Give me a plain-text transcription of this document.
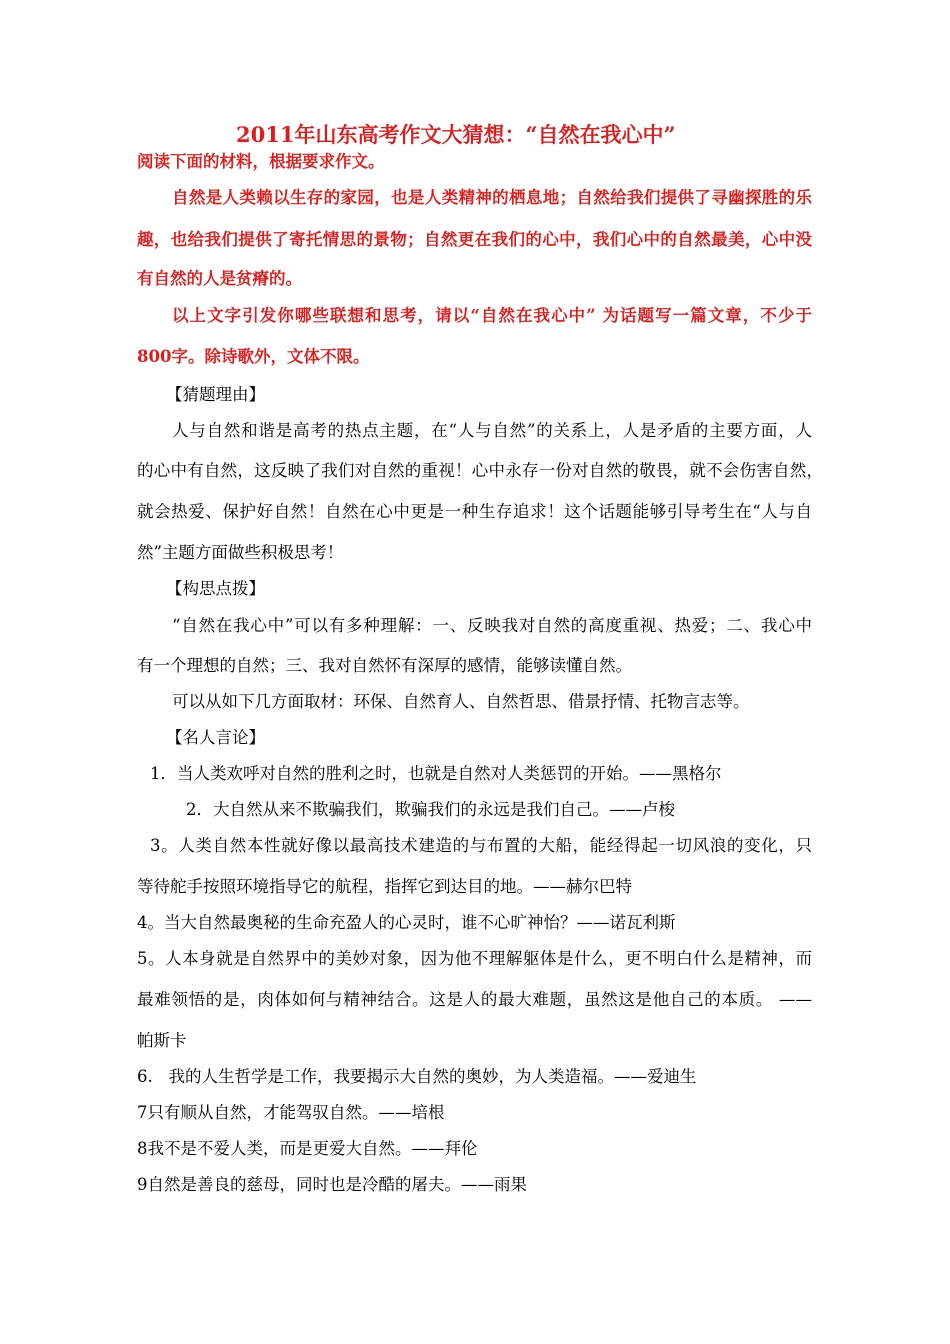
2011年山东高考作文大猜想：“自然在我心中”
阅读下面的材料，根据要求作文。
自然是人类赖以生存的家园，也是人类精神的栖息地；自然给我们提供了寻幽探胜的乐
趣，也给我们提供了寄托情思的景物；自然更在我们的心中，我们心中的自然最美，心中没
有自然的人是贫瘠的。
以上文字引发你哪些联想和思考，请以“自然在我心中” 为话题写一篇文章，不少于
800字。除诗歌外，文体不限。
【猜题理由】
人与自然和谐是高考的热点主题，在“人与自然”的关系上，人是矛盾的主要方面，人
的心中有自然，这反映了我们对自然的重视！心中永存一份对自然的敬畏，就不会伤害自然，
就会热爱、保护好自然！自然在心中更是一种生存追求！这个话题能够引导考生在“人与自
然”主题方面做些积极思考！
【构思点拨】
“自然在我心中”可以有多种理解：一、反映我对自然的高度重视、热爱；二、我心中
有一个理想的自然；三、我对自然怀有深厚的感情，能够读懂自然。
可以从如下几方面取材：环保、自然育人、自然哲思、借景抒情、托物言志等。
【名人言论】
1．当人类欢呼对自然的胜利之时，也就是自然对人类惩罚的开始。——黑格尔
2．大自然从来不欺骗我们，欺骗我们的永远是我们自己。——卢梭
3。人类自然本性就好像以最高技术建造的与布置的大船，能经得起一切风浪的变化，只
等待舵手按照环境指导它的航程，指挥它到达目的地。——赫尔巴特
4。当大自然最奥秘的生命充盈人的心灵时，谁不心旷神怡？——诺瓦利斯
5。人本身就是自然界中的美妙对象，因为他不理解躯体是什么，更不明白什么是精神，而
最难领悟的是，肉体如何与精神结合。这是人的最大难题，虽然这是他自己的本质。 ——
帕斯卡
6.   我的人生哲学是工作，我要揭示大自然的奥妙，为人类造福。——爱迪生
7只有顺从自然，才能驾驭自然。——培根
8我不是不爱人类，而是更爱大自然。——拜伦
9自然是善良的慈母，同时也是冷酷的屠夫。——雨果
